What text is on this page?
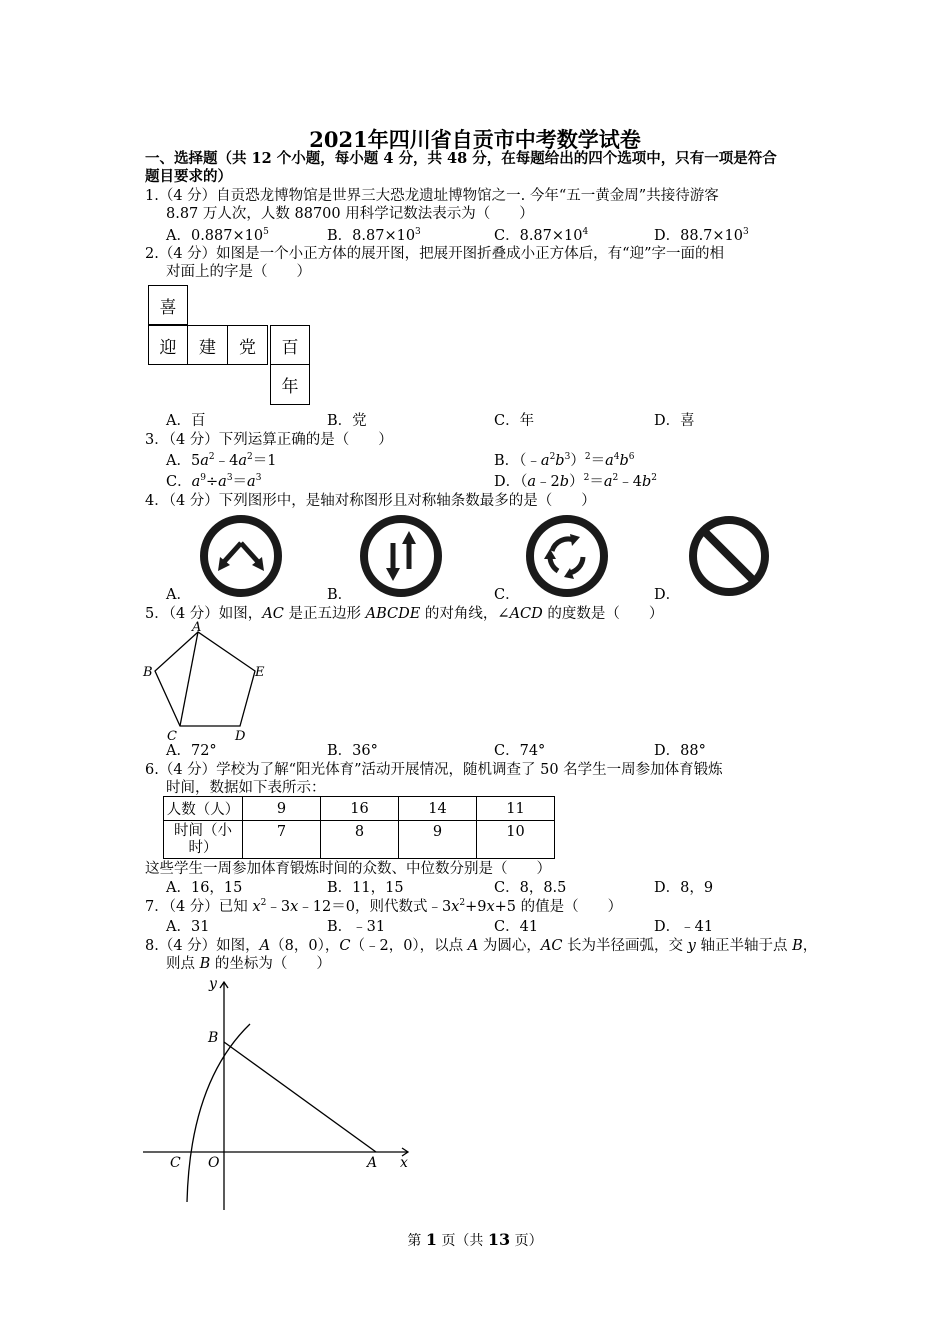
2021年四川省自贡市中考数学试卷
一、选择题（共 12 个小题，每小题 4 分，共 48 分，在每题给出的四个选项中，只有一项是符合
题目要求的）
1.（4 分）自贡恐龙博物馆是世界三大恐龙遗址博物馆之一. 今年“五一黄金周”共接待游客
8.87 万人次，人数 88700 用科学记数法表示为（　　）
A．$0.887\times 10^5$	B．$8.87\times 10^3$	C．$8.87\times 10^4$	D．$88.7\times 10^3$
2.（4 分）如图是一个小正方体的展开图，把展开图折叠成小正方体后，有“迎”字一面的相
对面上的字是（　　）
喜
迎	建	党	百
年
A．百	B．党	C．年	D．喜
3．（4 分）下列运算正确的是（　　）
A．$5a^2﹣4a^2=1$	B．$(﹣a^2b^3)^2=a^4b^6$
C．$a^9\div a^3=a^3$	D．$(a﹣2b)^2=a^2﹣4b^2$
4．（4 分）下列图形中，是轴对称图形且对称轴条数最多的是（　　）
A．	B．	C．	D．
5．（4 分）如图，AC 是正五边形 ABCDE 的对角线，∠ACD 的度数是（　　）
A
B
C	D
E
A．72°	B．36°	C．74°	D．88°
6.（4 分）学校为了解“阳光体育”活动开展情况，随机调查了 50 名学生一周参加体育锻炼
时间，数据如下表所示：
人数（人）	9	16	14	11
时间（小
时）	7	8	9	10
这些学生一周参加体育锻炼时间的众数、中位数分别是（　　）
A．16，15	B．11，15	C．8，8.5	D．8，9
7．（4 分）已知 $x^2﹣3x﹣12=0$，则代数式$﹣3x^2+9x+5$ 的值是（　　）
A．31	B．﹣31	C．41	D．﹣41
8.（4 分）如图，A（8，0），C（﹣2，0），以点 A 为圆心，AC 长为半径画弧，交 y 轴正半轴于点 B，
则点 B 的坐标为（　　）
y
x
B
C O	A
第 1 页（共 13 页）
